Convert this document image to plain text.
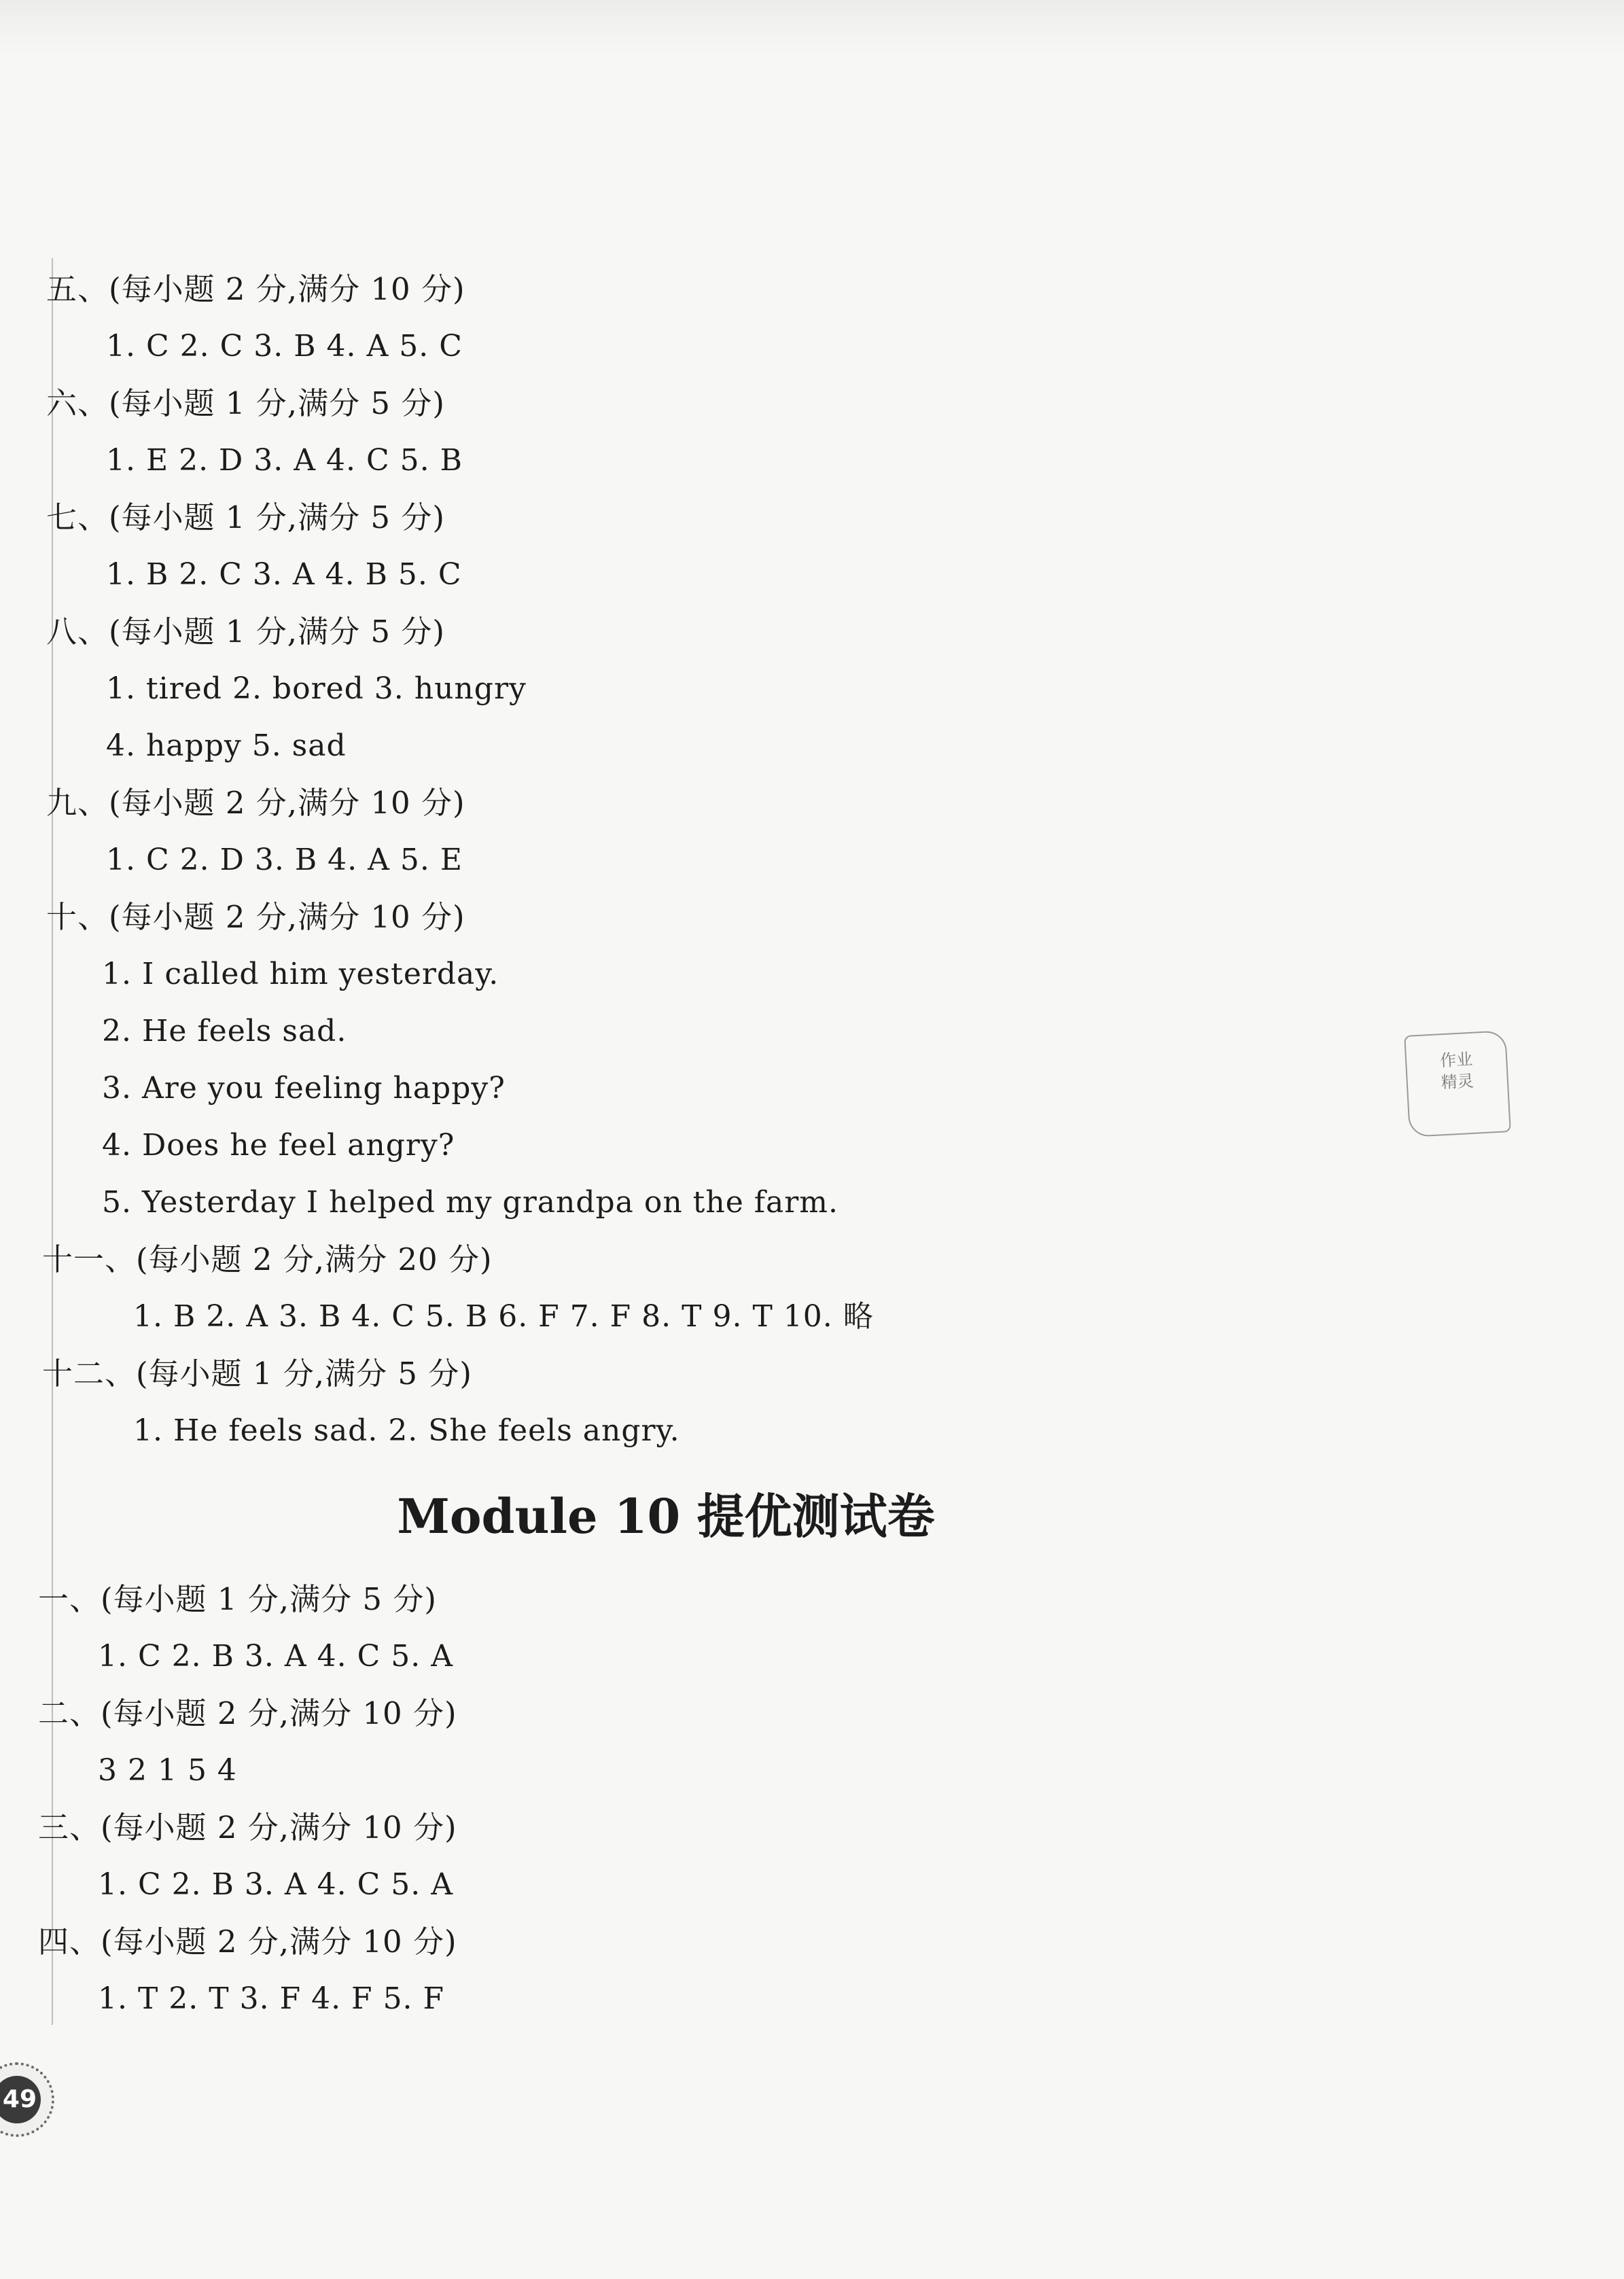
五、(每小题 2 分,满分 10 分)
1. C 2. C 3. B 4. A 5. C
六、(每小题 1 分,满分 5 分)
1. E 2. D 3. A 4. C 5. B
七、(每小题 1 分,满分 5 分)
1. B 2. C 3. A 4. B 5. C
八、(每小题 1 分,满分 5 分)
1. tired 2. bored 3. hungry
4. happy 5. sad
九、(每小题 2 分,满分 10 分)
1. C 2. D 3. B 4. A 5. E
十、(每小题 2 分,满分 10 分)
1. I called him yesterday.
2. He feels sad.
3. Are you feeling happy?
4. Does he feel angry?
5. Yesterday I helped my grandpa on the farm.
十一、(每小题 2 分,满分 20 分)
1. B 2. A 3. B 4. C 5. B 6. F 7. F 8. T 9. T 10. 略
十二、(每小题 1 分,满分 5 分)
1. He feels sad. 2. She feels angry.
Module 10 提优测试卷
一、(每小题 1 分,满分 5 分)
1. C 2. B 3. A 4. C 5. A
二、(每小题 2 分,满分 10 分)
3 2 1 5 4
三、(每小题 2 分,满分 10 分)
1. C 2. B 3. A 4. C 5. A
四、(每小题 2 分,满分 10 分)
1. T 2. T 3. F 4. F 5. F
作业
精灵
49
